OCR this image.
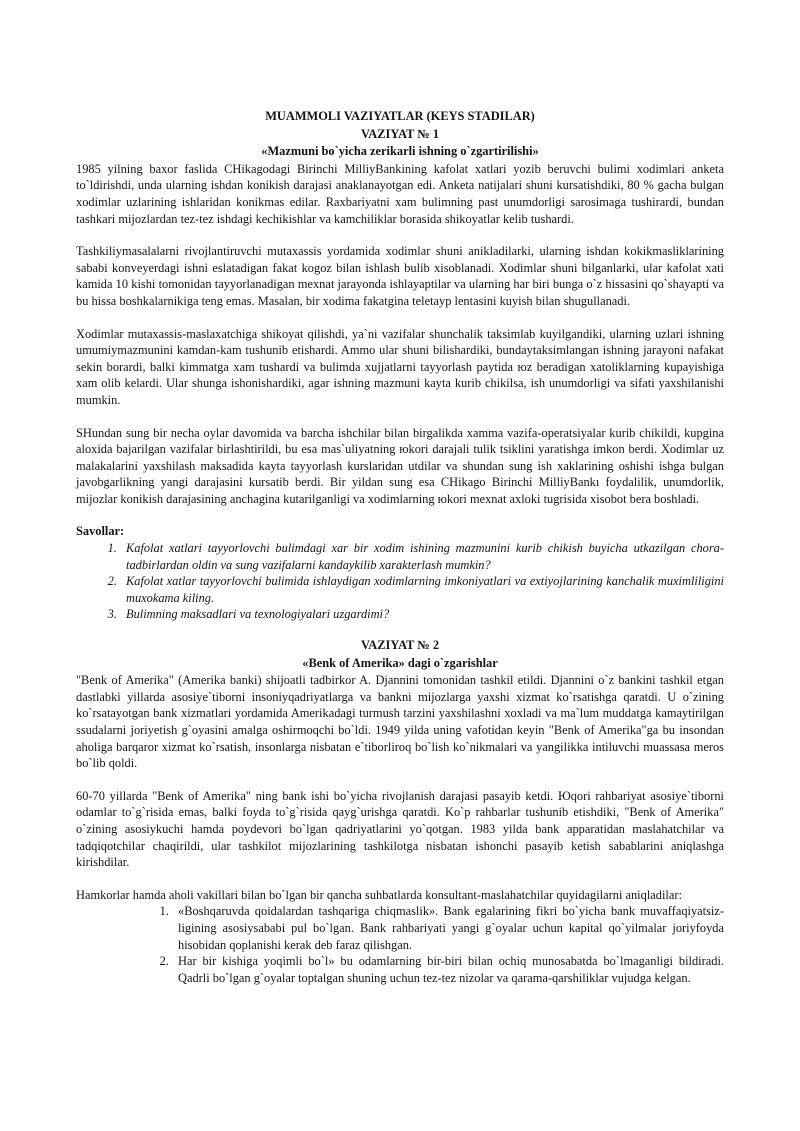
MUAMMOLI VAZIYATLAR (KEYS STADILAR)
VAZIYAT № 1
«Mazmuni bo`yicha zerikarli ishning o`zgartirilishi»

1985 yilning baxor faslida CHikagodagi Birinchi MilliyBankining kafolat xatlari yozib beruvchi bulimi xodimlari anketa to`ldirishdi, unda ularning ishdan konikish darajasi anaklanayotgan edi. Anketa natijalari shuni kursatishdiki, 80 % gacha bulgan xodimlar uzlarining ishlaridan konikmas edilar. Raxbariyatni xam bulimning past unumdorligi sarosimaga tushirardi, bundan tashkari mijozlardan tez-tez ishdagi kechikishlar va kamchiliklar borasida shikoyatlar kelib tushardi.

Tashkiliymasalalarni rivojlantiruvchi mutaxassis yordamida xodimlar shuni anikladilarki, ularning ishdan kokikmasliklarining sababi konveyerdagi ishni eslatadigan fakat kogoz bilan ishlash bulib xisoblanadi. Xodimlar shuni bilganlarki, ular kafolat xati kamida 10 kishi tomonidan tayyorlanadigan mexnat jarayonda ishlayaptilar va ularning har biri bunga o`z hissasini qo`shayapti va bu hissa boshkalarnikiga teng emas. Masalan, bir xodima fakatgina teletayp lentasini kuyish bilan shugullanadi.

Xodimlar mutaxassis-maslaxatchiga shikoyat qilishdi, ya`ni vazifalar shunchalik taksimlab kuyilgandiki, ularning uzlari ishning umumiymazmunini kamdan-kam tushunib etishardi. Ammo ular shuni bilishardiki, bundaytaksimlangan ishning jarayoni nafakat sekin borardi, balki kimmatga xam tushardi va bulimda xujjatlarni tayyorlash paytida юz beradigan xatoliklarning kupayishiga xam olib kelardi. Ular shunga ishonishardiki, agar ishning mazmuni kayta kurib chikilsa, ish unumdorligi va sifati yaxshilanishi mumkin.

SHundan sung bir necha oylar davomida va barcha ishchilar bilan birgalikda xamma vazifa-operatsiyalar kurib chikildi, kupgina aloxida bajarilgan vazifalar birlashtirildi, bu esa mas`uliyatning юkori darajali tulik tsiklini yaratishga imkon berdi. Xodimlar uz malakalarini yaxshilash maksadida kayta tayyorlash kurslaridan utdilar va shundan sung ish xaklarining oshishi ishga bulgan javobgarlikning yangi darajasini kursatib berdi. Bir yildan sung esa CHikago Birinchi MilliyBankı foydalilik, unumdorlik, mijozlar konikish darajasining anchagina kutarilganligi va xodimlarning юkori mexnat axloki tugrisida xisobot bera boshladi.

Savollar:
1. Kafolat xatlari tayyorlovchi bulimdagi xar bir xodim ishining mazmunini kurib chikish buyicha utkazilgan chora-tadbirlardan oldin va sung vazifalarni kandaykilib xarakterlash mumkin?
2. Kafolat xatlar tayyorlovchi bulimida ishlaydigan xodimlarning imkoniyatlari va extiyojlarining kanchalik muximliligini muxokama kiling.
3. Bulimning maksadlari va texnologiyalari uzgardimi?
VAZIYAT № 2
«Benk of Amerika» dagi o`zgarishlar

"Benk of Amerika" (Amerika banki) shijoatli tadbirkor A. Djannini tomonidan tashkil etildi. Djannini o`z bankini tashkil etgan dastlabki yillarda asosiye`tiborni insoniyqadriyatlarga va bankni mijozlarga yaxshi xizmat ko`rsatishga qaratdi. U o`zining ko`rsatayotgan bank xizmatlari yordamida Amerikadagi turmush tarzini yaxshilashni xoxladi va ma`lum muddatga kamaytirilgan ssudalarni joriyetish g`oyasini amalga oshirmoqchi bo`ldi. 1949 yilda uning vafotidan keyin "Benk of Amerika"ga bu insondan aholiga barqaror xizmat ko`rsatish, insonlarga nisbatan e`tiborliroq bo`lish ko`nikmalari va yangilikka intiluvchi muassasa meros bo`lib qoldi.

60-70 yillarda "Benk of Amerika" ning bank ishi bo`yicha rivojlanish darajasi pasayib ketdi. Юqori rahbariyat asosiye`tiborni odamlar to`g`risida emas, balki foyda to`g`risida qayg`urishga qaratdi. Ko`p rahbarlar tushunib etishdiki, "Benk of Amerika" o`zining asosiykuchi hamda poydevori bo`lgan qadriyatlarini yo`qotgan. 1983 yilda bank apparatidan maslahatchilar va tadqiqotchilar chaqirildi, ular tashkilot mijozlarining tashkilotga nisbatan ishonchi pasayib ketish sabablarini aniqlashga kirishdilar.

Hamkorlar hamda aholi vakillari bilan bo`lgan bir qancha suhbatlarda konsultant-maslahatchilar quyidagilarni aniqladilar:

1. «Boshqaruvda qoidalardan tashqariga chiqmaslik». Bank egalarining fikri bo`yicha bank muvaffaqiyatsiz-ligining asosiysababi pul bo`lgan. Bank rahbariyati yangi g`oyalar uchun kapital qo`yilmalar joriyfoyda hisobidan qoplanishi kerak deb faraz qilishgan.
2. Har bir kishiga yoqimli bo`l» bu odamlarning bir-biri bilan ochiq munosabatda bo`lmaganligi bildiradi. Qadrli bo`lgan g`oyalar toptalgan shuning uchun tez-tez nizolar va qarama-qarshiliklar vujudga kelgan.
